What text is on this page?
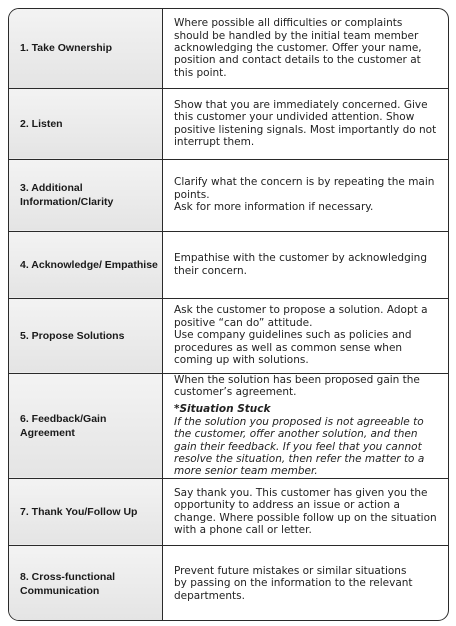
1. Take Ownership	Where possible all difficulties or complaints should be handled by the initial team member acknowledging the customer. Offer your name, position and contact details to the customer at this point.

2. Listen	Show that you are immediately concerned. Give this customer your undivided attention. Show positive listening signals. Most importantly do not interrupt them.

3. Additional Information/Clarity	Clarify what the concern is by repeating the main points.
Ask for more information if necessary.

4. Acknowledge/ Empathise	Empathise with the customer by acknowledging their concern.

5. Propose Solutions	Ask the customer to propose a solution. Adopt a positive “can do” attitude.
Use company guidelines such as policies and procedures as well as common sense when coming up with solutions.

6. Feedback/Gain Agreement	When the solution has been proposed gain the customer’s agreement.
*Situation Stuck
If the solution you proposed is not agreeable to the customer, offer another solution, and then gain their feedback. If you feel that you cannot resolve the situation, then refer the matter to a more senior team member.

7. Thank You/Follow Up	Say thank you. This customer has given you the opportunity to address an issue or action a change. Where possible follow up on the situation with a phone call or letter.

8. Cross-functional Communication	Prevent future mistakes or similar situations
by passing on the information to the relevant departments.
